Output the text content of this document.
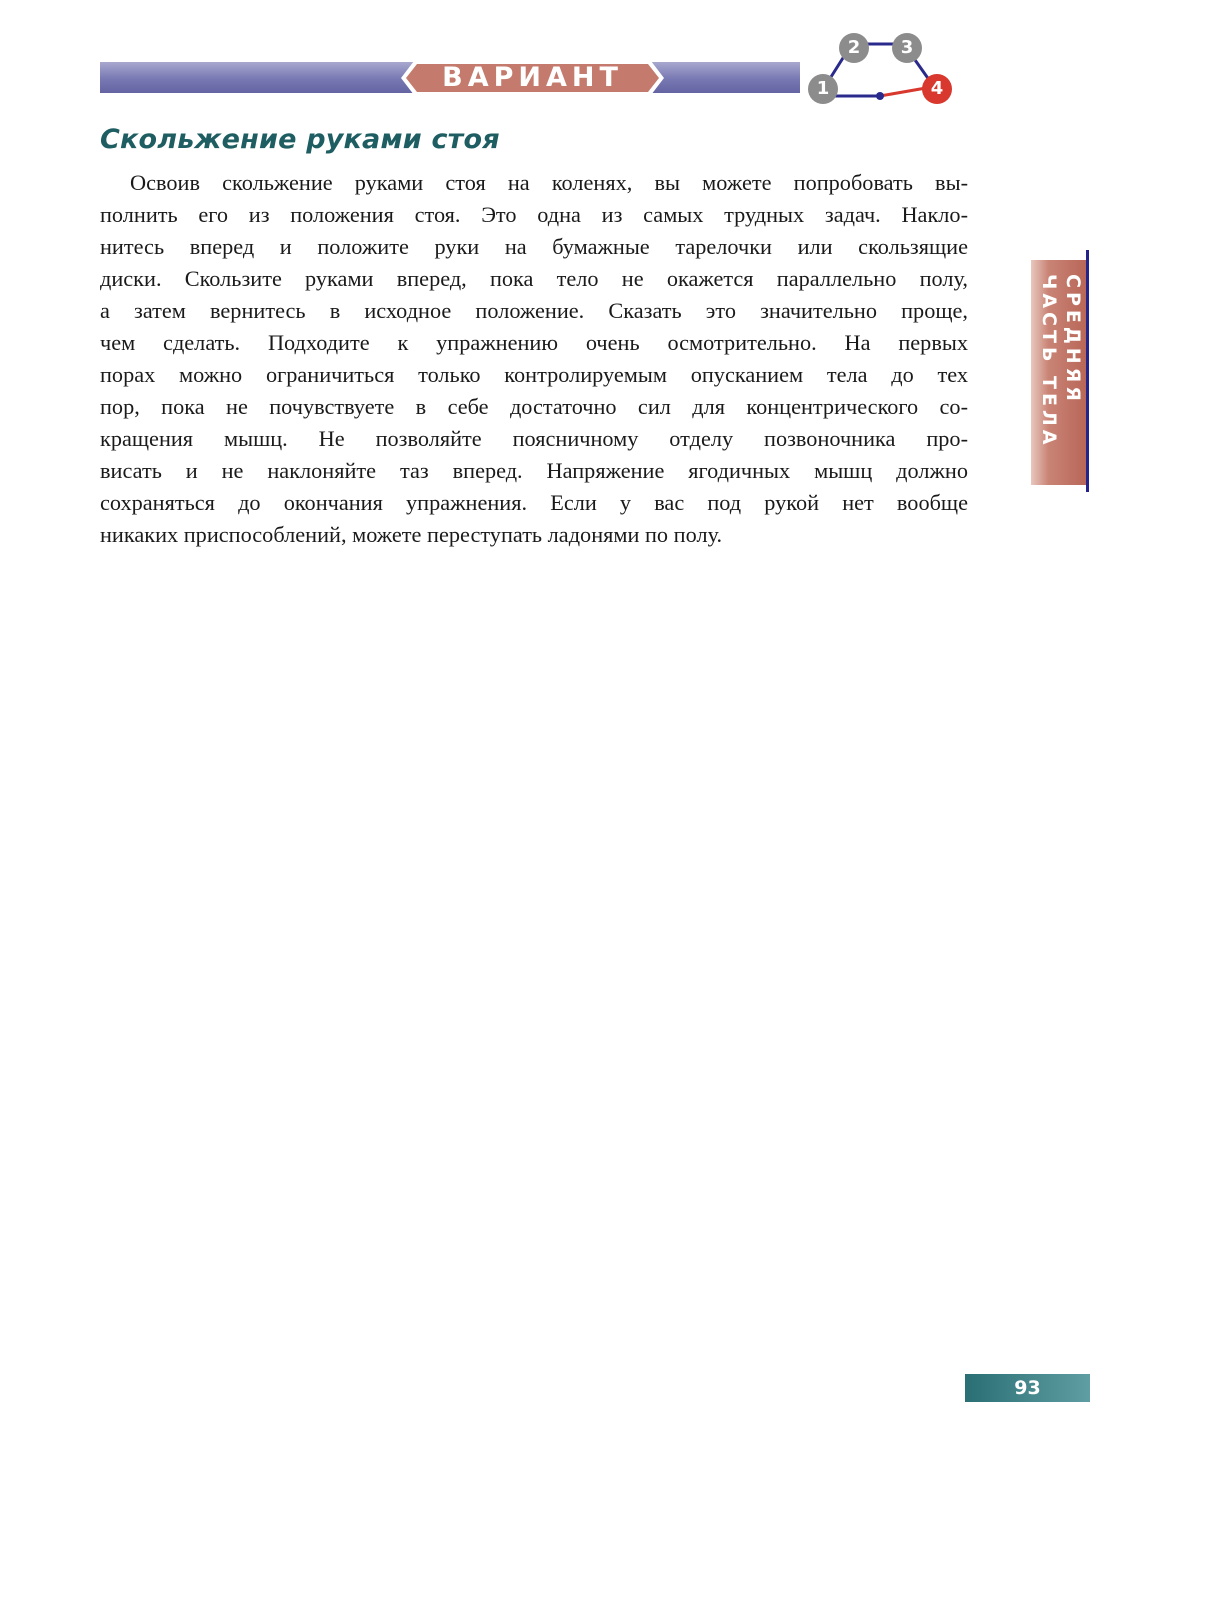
ВАРИАНТ	1
2	3
4
Скольжение руками стоя
Освоив скольжение руками стоя на коленях, вы можете попробовать вы-
полнить его из положения стоя. Это одна из самых трудных задач. Накло-
нитесь вперед и положите руки на бумажные тарелочки или скользящие
диски. Скользите руками вперед, пока тело не окажется параллельно полу,
а затем вернитесь в исходное положение. Сказать это значительно проще,
чем сделать. Подходите к упражнению очень осмотрительно. На первых
порах можно ограничиться только контролируемым опусканием тела до тех
пор, пока не почувствуете в себе достаточно сил для концентрического со-
кращения мышц. Не позволяйте поясничному отделу позвоночника про-
висать и не наклоняйте таз вперед. Напряжение ягодичных мышц должно
сохраняться до окончания упражнения. Если у вас под рукой нет вообще
никаких приспособлений, можете переступать ладонями по полу.
СРЕДНЯЯ
ЧАСТЬ ТЕЛА
93
